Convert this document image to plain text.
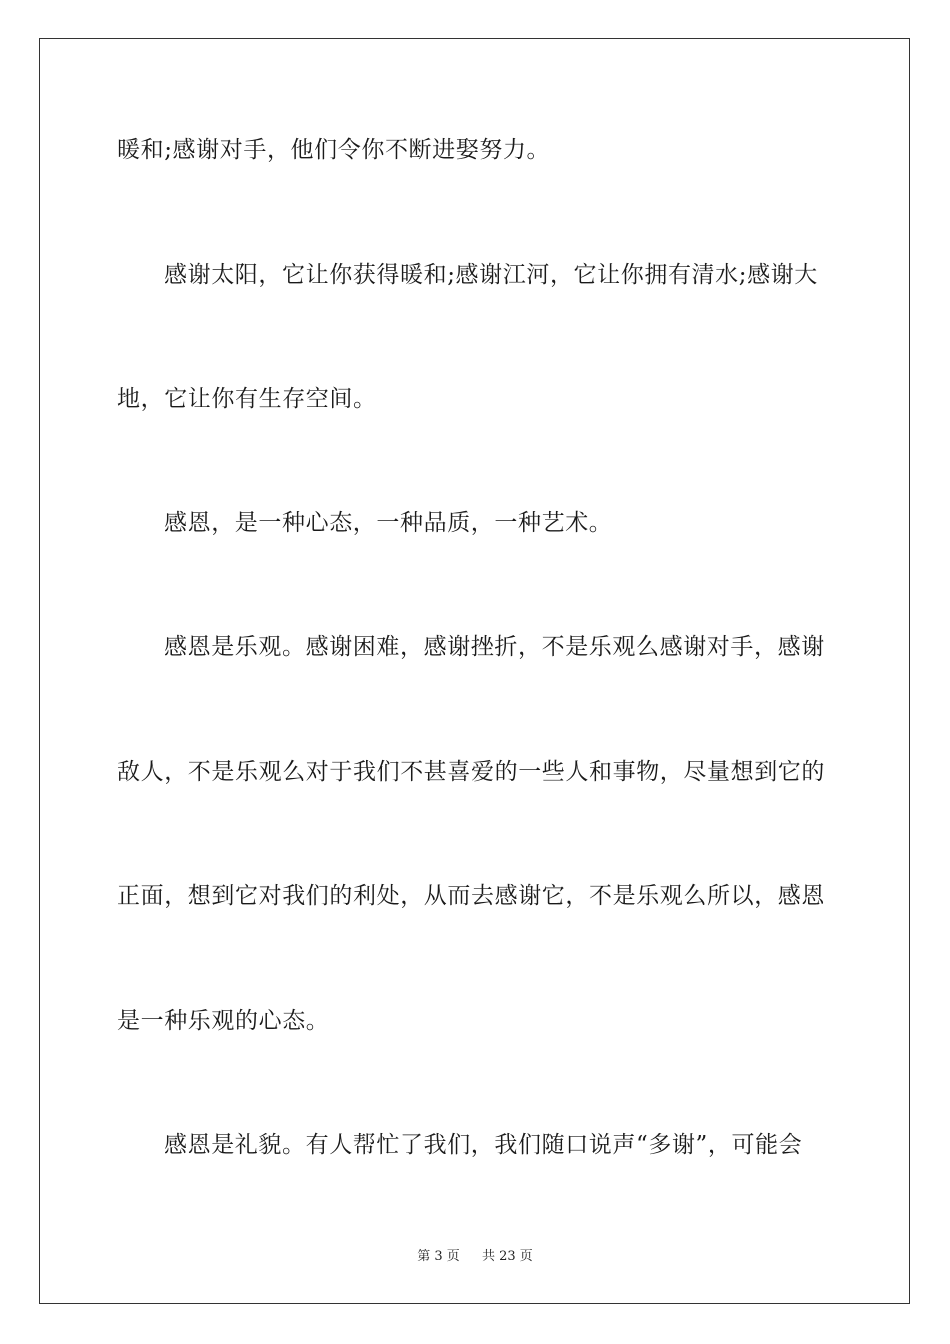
暖和;感谢对手，他们令你不断进娶努力。
感谢太阳，它让你获得暖和;感谢江河，它让你拥有清水;感谢大
地，它让你有生存空间。
感恩，是一种心态，一种品质，一种艺术。
感恩是乐观。感谢困难，感谢挫折，不是乐观么感谢对手，感谢
敌人，不是乐观么对于我们不甚喜爱的一些人和事物，尽量想到它的
正面，想到它对我们的利处，从而去感谢它，不是乐观么所以，感恩
是一种乐观的心态。
感恩是礼貌。有人帮忙了我们，我们随口说声“多谢”，可能会
第 3 页 共 23 页
